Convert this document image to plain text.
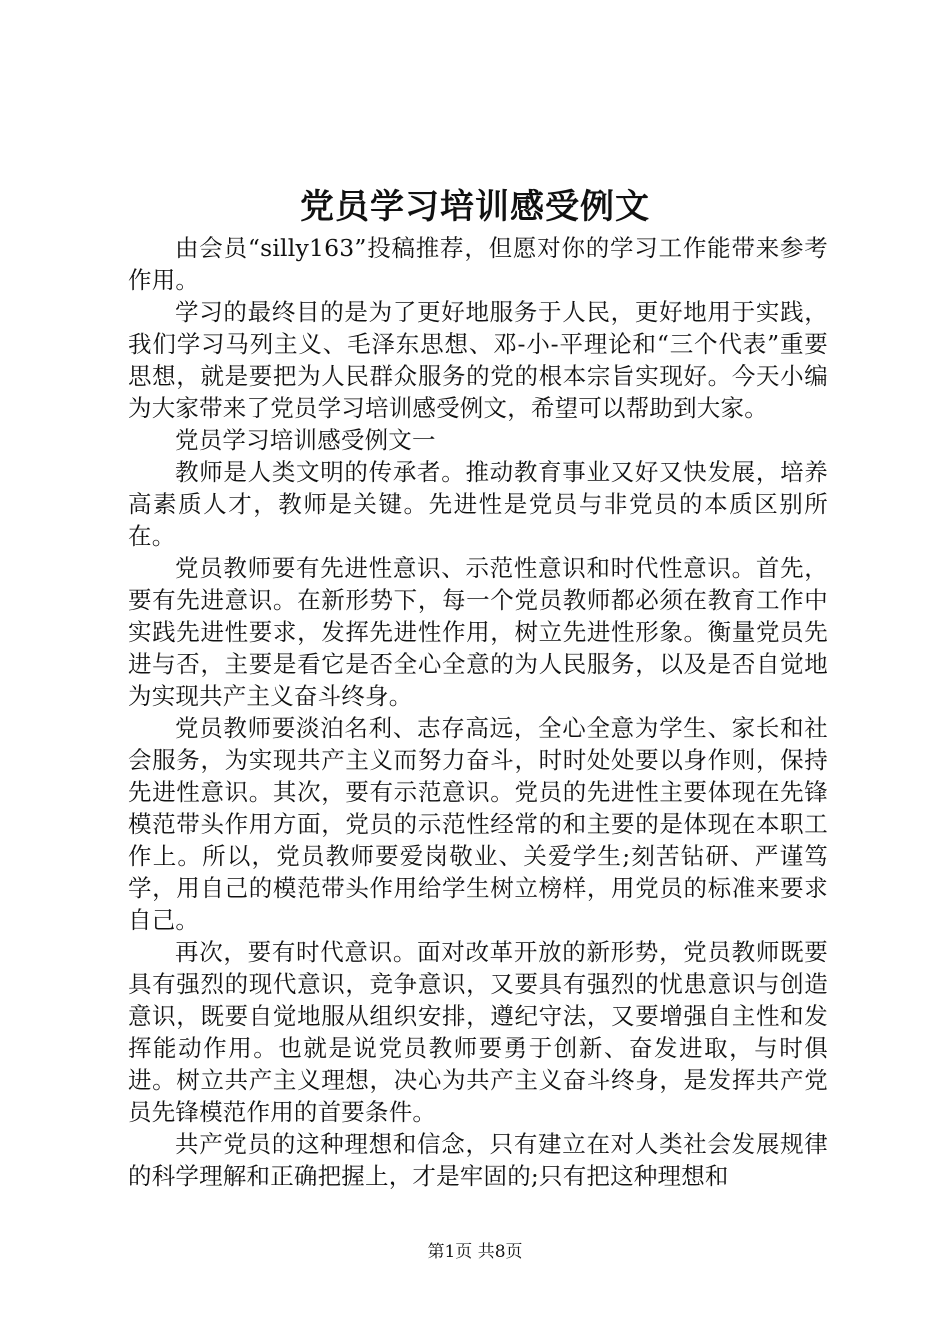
党员学习培训感受例文

由会员“silly163”投稿推荐，但愿对你的学习工作能带来参考作用。

学习的最终目的是为了更好地服务于人民，更好地用于实践，我们学习马列主义、毛泽东思想、邓-小-平理论和“三个代表”重要思想，就是要把为人民群众服务的党的根本宗旨实现好。今天小编为大家带来了党员学习培训感受例文，希望可以帮助到大家。

党员学习培训感受例文一

教师是人类文明的传承者。推动教育事业又好又快发展，培养高素质人才，教师是关键。先进性是党员与非党员的本质区别所在。

党员教师要有先进性意识、示范性意识和时代性意识。首先，要有先进意识。在新形势下，每一个党员教师都必须在教育工作中实践先进性要求，发挥先进性作用，树立先进性形象。衡量党员先进与否，主要是看它是否全心全意的为人民服务，以及是否自觉地为实现共产主义奋斗终身。

党员教师要淡泊名利、志存高远，全心全意为学生、家长和社会服务，为实现共产主义而努力奋斗，时时处处要以身作则，保持先进性意识。其次，要有示范意识。党员的先进性主要体现在先锋模范带头作用方面，党员的示范性经常的和主要的是体现在本职工作上。所以，党员教师要爱岗敬业、关爱学生;刻苦钻研、严谨笃学，用自己的模范带头作用给学生树立榜样，用党员的标准来要求自己。

再次，要有时代意识。面对改革开放的新形势，党员教师既要具有强烈的现代意识，竞争意识，又要具有强烈的忧患意识与创造意识，既要自觉地服从组织安排，遵纪守法，又要增强自主性和发挥能动作用。也就是说党员教师要勇于创新、奋发进取，与时俱进。树立共产主义理想，决心为共产主义奋斗终身，是发挥共产党员先锋模范作用的首要条件。

共产党员的这种理想和信念，只有建立在对人类社会发展规律的科学理解和正确把握上，才是牢固的;只有把这种理想和

第1页 共8页
